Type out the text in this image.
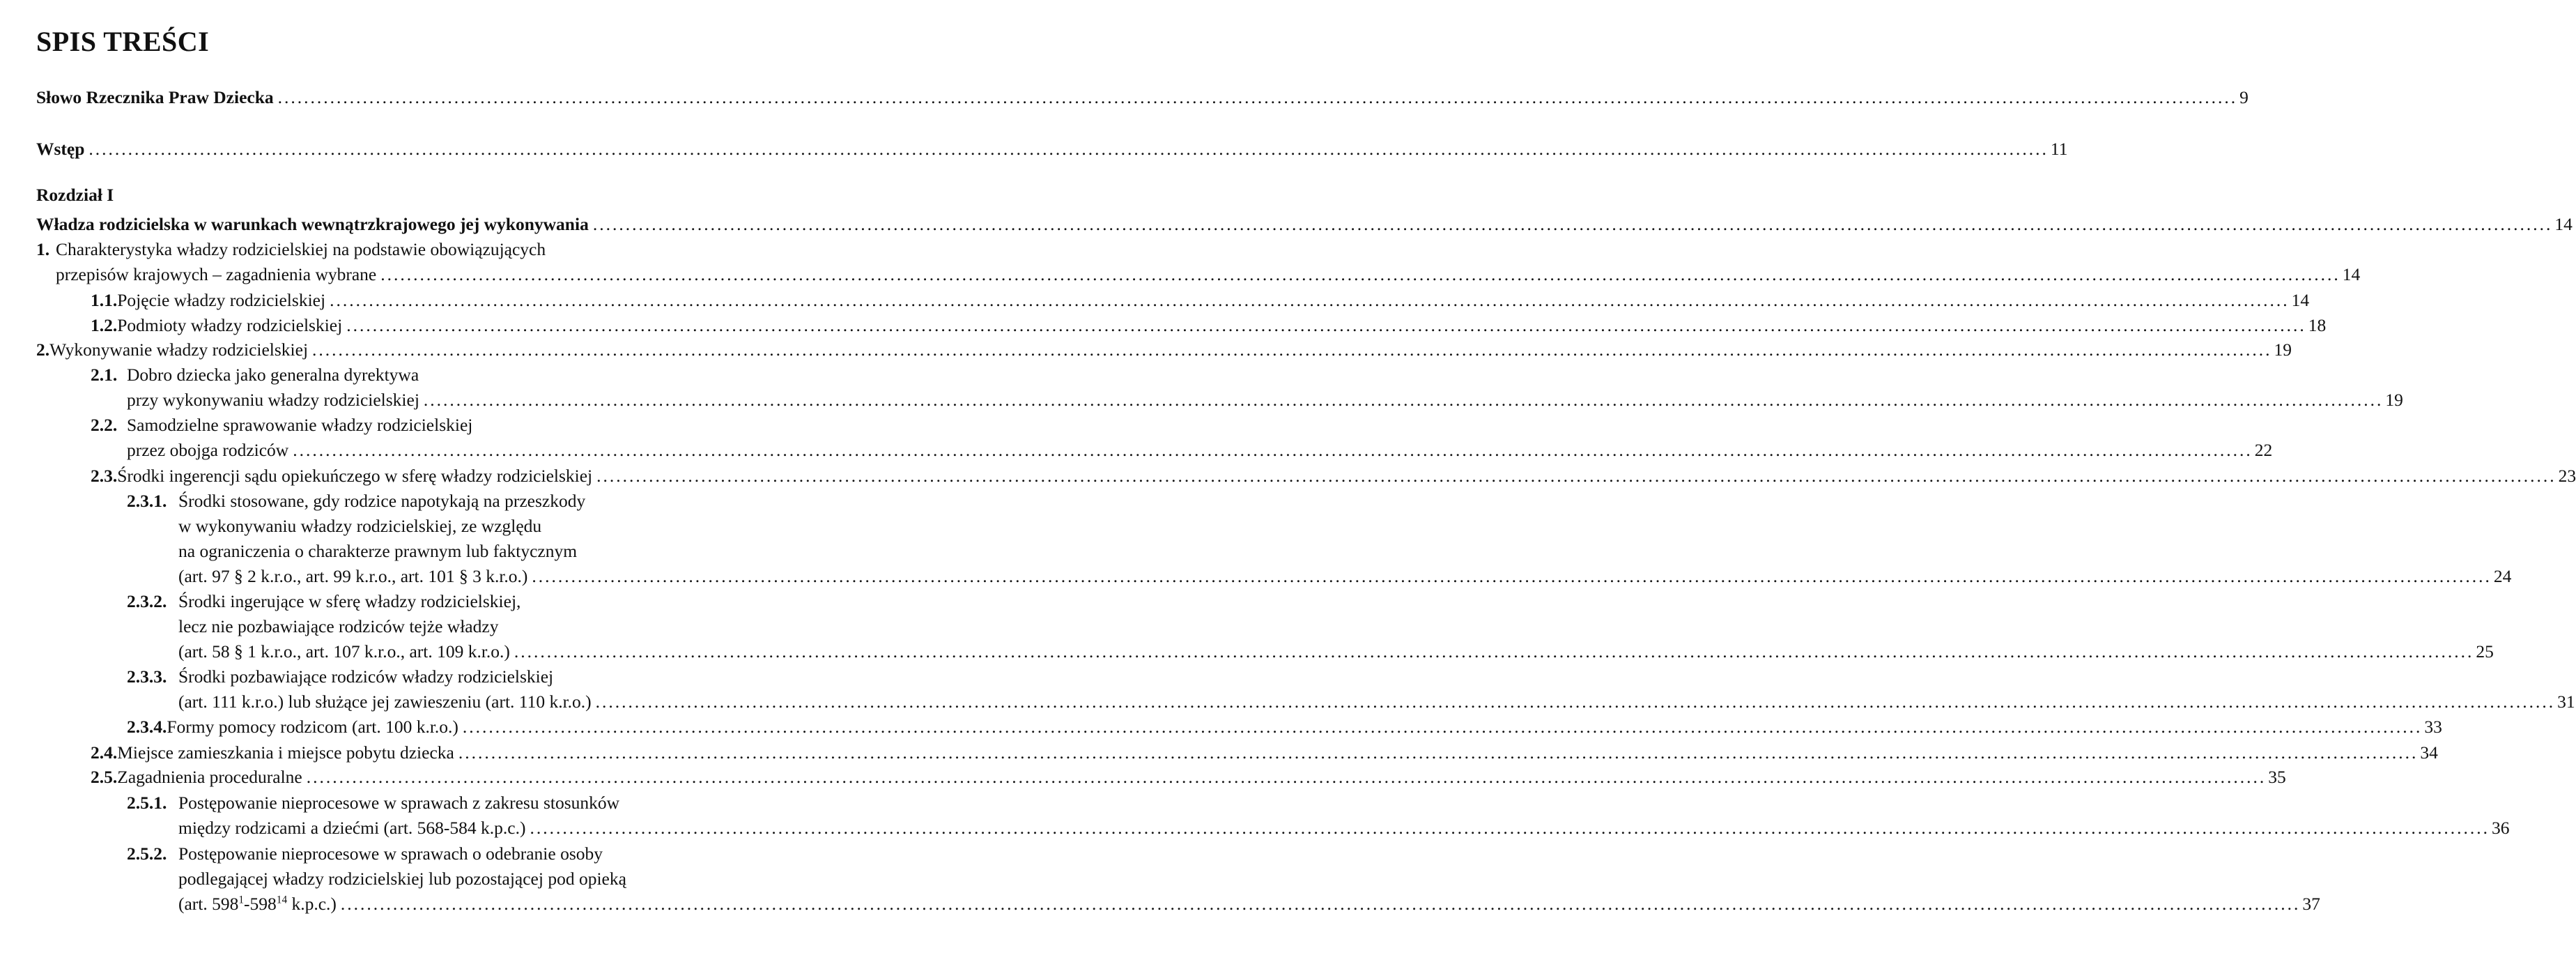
SPIS TREŚCI
Słowo Rzecznika Praw Dziecka ............................................................................................................................................................................................................................................................................................................ 9
Wstęp ............................................................................................................................................................................................................................................................................................................ 11
Rozdział I
Władza rodzicielska w warunkach wewnątrzkrajowego jej wykonywania ............................................................................................................................................................................................................................................................................................................ 14
1. Charakterystyka władzy rodzicielskiej na podstawie obowiązujących
przepisów krajowych – zagadnienia wybrane ............................................................................................................................................................................................................................................................................................................ 14
1.1. Pojęcie władzy rodzicielskiej ............................................................................................................................................................................................................................................................................................................ 14
1.2. Podmioty władzy rodzicielskiej ............................................................................................................................................................................................................................................................................................................ 18
2. Wykonywanie władzy rodzicielskiej ............................................................................................................................................................................................................................................................................................................ 19
2.1. Dobro dziecka jako generalna dyrektywa
przy wykonywaniu władzy rodzicielskiej ............................................................................................................................................................................................................................................................................................................ 19
2.2. Samodzielne sprawowanie władzy rodzicielskiej
przez obojga rodziców ............................................................................................................................................................................................................................................................................................................ 22
2.3. Środki ingerencji sądu opiekuńczego w sferę władzy rodzicielskiej ............................................................................................................................................................................................................................................................................................................ 23
2.3.1. Środki stosowane, gdy rodzice napotykają na przeszkody
w wykonywaniu władzy rodzicielskiej, ze względu
na ograniczenia o charakterze prawnym lub faktycznym
(art. 97 § 2 k.r.o., art. 99 k.r.o., art. 101 § 3 k.r.o.) ............................................................................................................................................................................................................................................................................................................ 24
2.3.2. Środki ingerujące w sferę władzy rodzicielskiej,
lecz nie pozbawiające rodziców tejże władzy
(art. 58 § 1 k.r.o., art. 107 k.r.o., art. 109 k.r.o.) ............................................................................................................................................................................................................................................................................................................ 25
2.3.3. Środki pozbawiające rodziców władzy rodzicielskiej
(art. 111 k.r.o.) lub służące jej zawieszeniu (art. 110 k.r.o.) ............................................................................................................................................................................................................................................................................................................ 31
2.3.4. Formy pomocy rodzicom (art. 100 k.r.o.) ............................................................................................................................................................................................................................................................................................................ 33
2.4. Miejsce zamieszkania i miejsce pobytu dziecka ............................................................................................................................................................................................................................................................................................................ 34
2.5. Zagadnienia proceduralne ............................................................................................................................................................................................................................................................................................................ 35
2.5.1. Postępowanie nieprocesowe w sprawach z zakresu stosunków
między rodzicami a dziećmi (art. 568-584 k.p.c.) ............................................................................................................................................................................................................................................................................................................ 36
2.5.2. Postępowanie nieprocesowe w sprawach o odebranie osoby
podlegającej władzy rodzicielskiej lub pozostającej pod opieką
(art. $598^1-598^{14}$ k.p.c.) ............................................................................................................................................................................................................................................................................................................ 37
